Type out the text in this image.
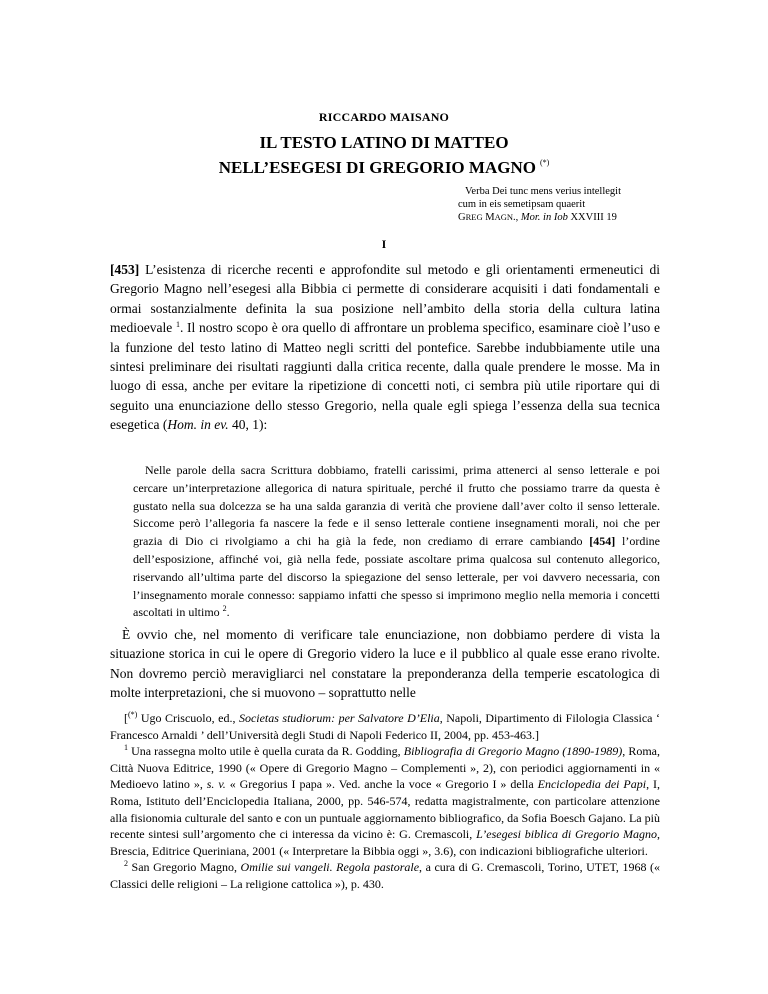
RICCARDO MAISANO
IL TESTO LATINO DI MATTEO
NELL’ESEGESI DI GREGORIO MAGNO (*)
Verba Dei tunc mens verius intellegit
cum in eis semetipsam quaerit
GREG MAGN., Mor. in Iob XXVIII 19
I

[453] L’esistenza di ricerche recenti e approfondite sul metodo e gli orientamenti ermeneutici di Gregorio Magno nell’esegesi alla Bibbia ci permette di considerare acquisiti i dati fondamentali e ormai sostanzialmente definita la sua posizione nell’ambito della storia della cultura latina medioevale $^1$. Il nostro scopo è ora quello di affrontare un problema specifico, esaminare cioè l’uso e la funzione del testo latino di Matteo negli scritti del pontefice. Sarebbe indubbiamente utile una sintesi preliminare dei risultati raggiunti dalla critica recente, dalla quale prendere le mosse. Ma in luogo di essa, anche per evitare la ripetizione di concetti noti, ci sembra più utile riportare qui di seguito una enunciazione dello stesso Gregorio, nella quale egli spiega l’essenza della sua tecnica esegetica (Hom. in ev. 40, 1):

Nelle parole della sacra Scrittura dobbiamo, fratelli carissimi, prima attenerci al senso letterale e poi cercare un’interpretazione allegorica di natura spirituale, perché il frutto che possiamo trarre da questa è gustato nella sua dolcezza se ha una salda garanzia di verità che proviene dall’aver colto il senso letterale. Siccome però l’allegoria fa nascere la fede e il senso letterale contiene insegnamenti morali, noi che per grazia di Dio ci rivolgiamo a chi ha già la fede, non crediamo di errare cambiando [454] l’ordine dell’esposizione, affinché voi, già nella fede, possiate ascoltare prima qualcosa sul contenuto allegorico, riservando all’ultima parte del discorso la spiegazione del senso letterale, per voi davvero necessaria, con l’insegnamento morale connesso: sappiamo infatti che spesso si imprimono meglio nella memoria i concetti ascoltati in ultimo $^2$.

È ovvio che, nel momento di verificare tale enunciazione, non dobbiamo perdere di vista la situazione storica in cui le opere di Gregorio videro la luce e il pubblico al quale esse erano rivolte. Non dovremo perciò meravigliarci nel constatare la preponderanza della temperie escatologica di molte interpretazioni, che si muovono – soprattutto nelle

[(*) Ugo Criscuolo, ed., Societas studiorum: per Salvatore D’Elia, Napoli, Dipartimento di Filologia Classica ‘ Francesco Arnaldi ’ dell’Università degli Studi di Napoli Federico II, 2004, pp. 453-463.]

$^1$ Una rassegna molto utile è quella curata da R. Godding, Bibliografia di Gregorio Magno (1890-1989), Roma, Città Nuova Editrice, 1990 (« Opere di Gregorio Magno – Complementi », 2), con periodici aggiornamenti in « Medioevo latino », s. v. « Gregorius I papa ». Ved. anche la voce « Gregorio I » della Enciclopedia dei Papi, I, Roma, Istituto dell’Enciclopedia Italiana, 2000, pp. 546-574, redatta magistralmente, con particolare attenzione alla fisionomia culturale del santo e con un puntuale aggiornamento bibliografico, da Sofia Boesch Gajano. La più recente sintesi sull’argomento che ci interessa da vicino è: G. Cremascoli, L’esegesi biblica di Gregorio Magno, Brescia, Editrice Queriniana, 2001 (« Interpretare la Bibbia oggi », 3.6), con indicazioni bibliografiche ulteriori.

$^2$ San Gregorio Magno, Omilie sui vangeli. Regola pastorale, a cura di G. Cremascoli, Torino, UTET, 1968 (« Classici delle religioni – La religione cattolica »), p. 430.
